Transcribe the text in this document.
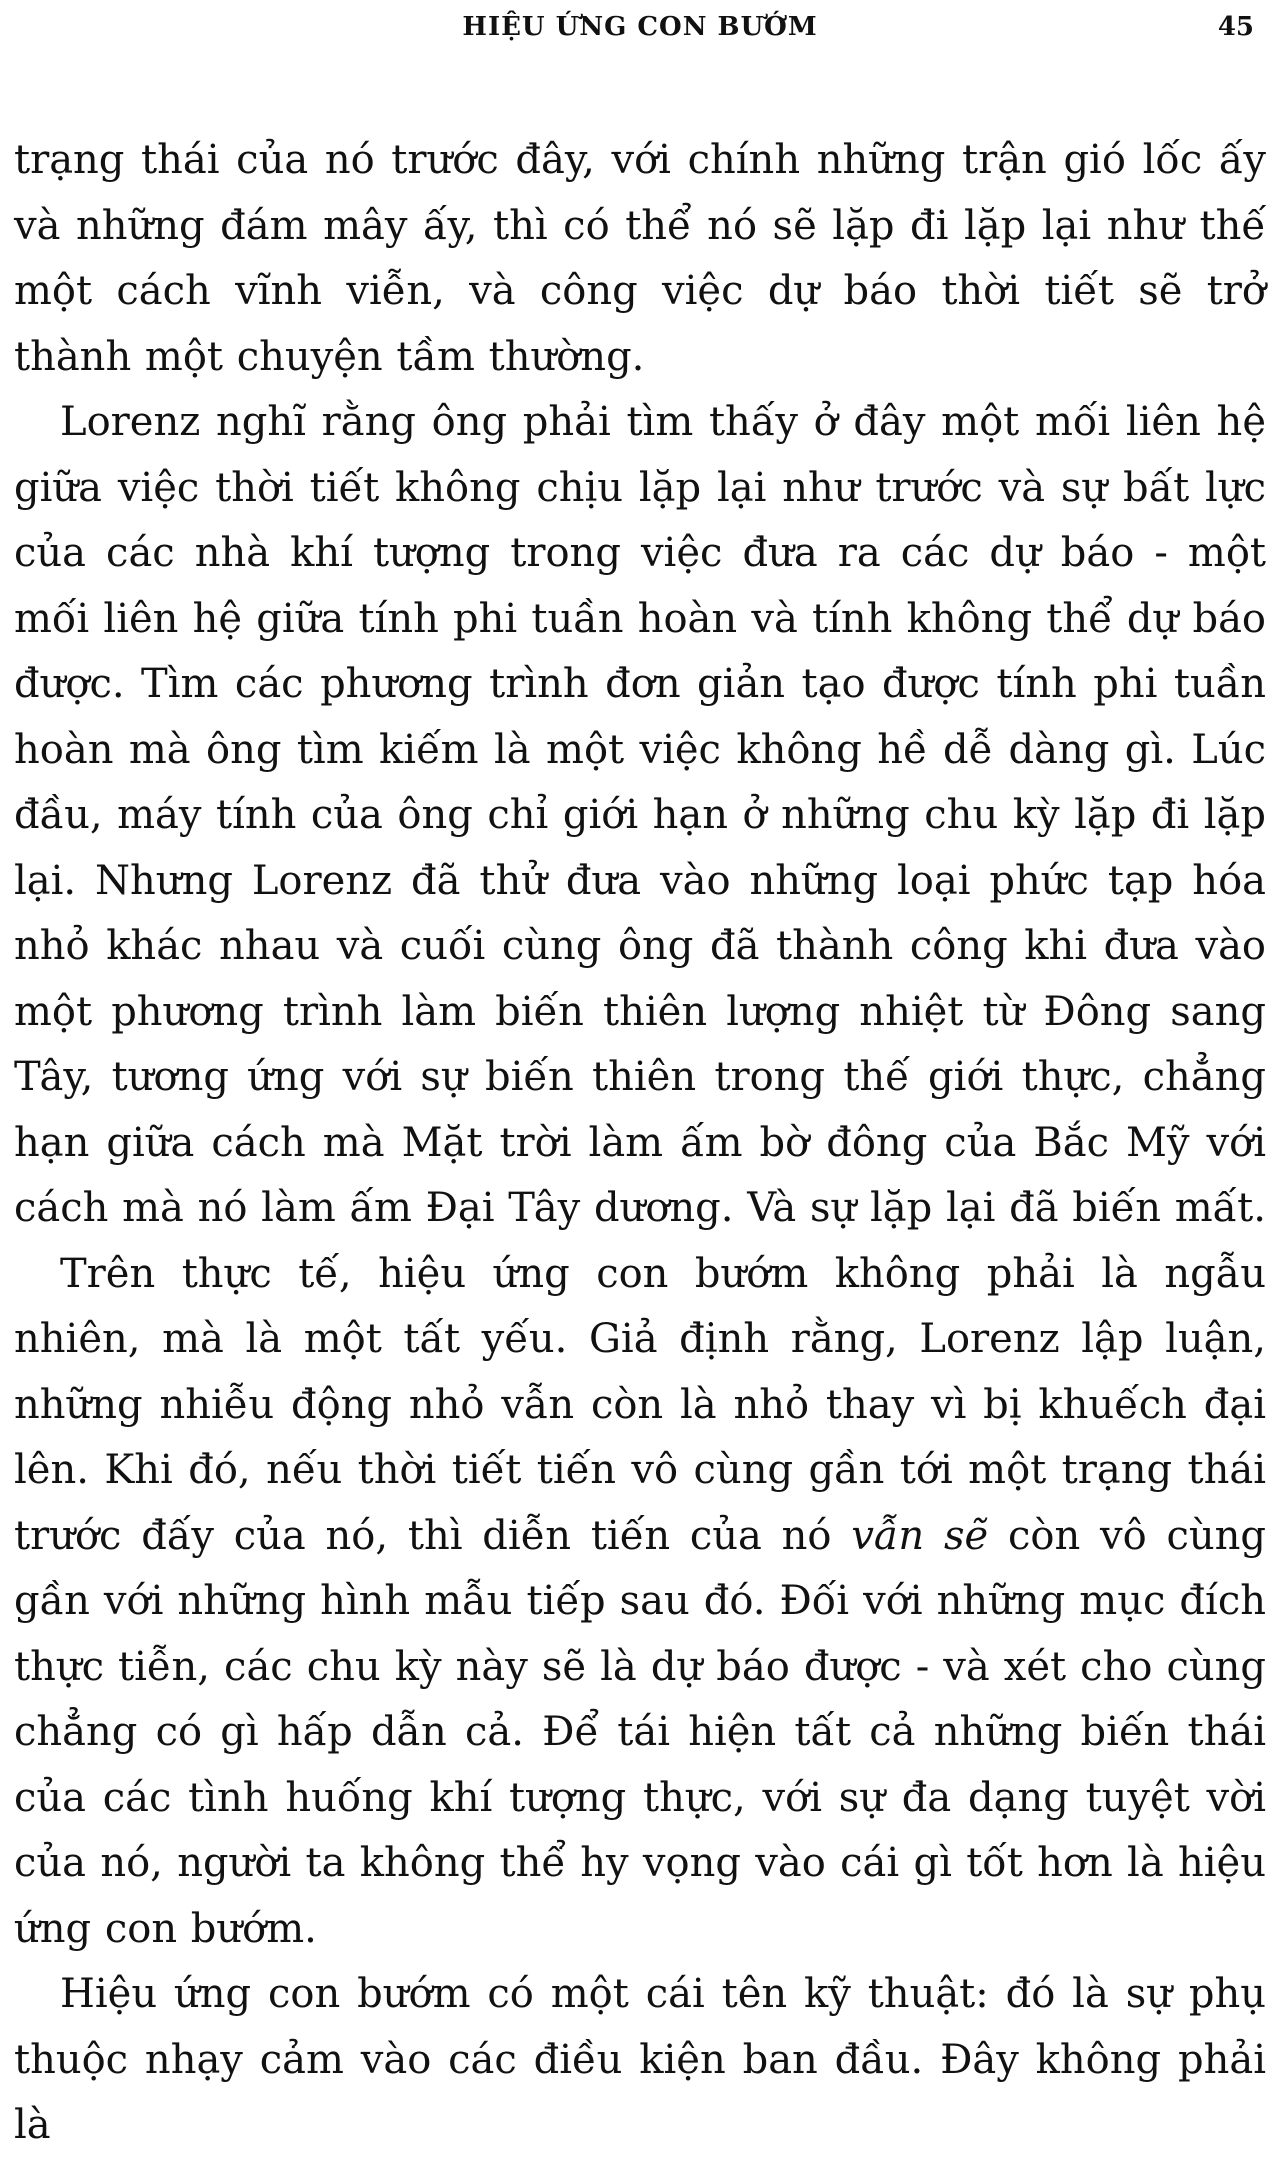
HIỆU ỨNG CON BƯỚM	45

trạng thái của nó trước đây, với chính những trận gió lốc ấy và những đám mây ấy, thì có thể nó sẽ lặp đi lặp lại như thế một cách vĩnh viễn, và công việc dự báo thời tiết sẽ trở thành một chuyện tầm thường.

Lorenz nghĩ rằng ông phải tìm thấy ở đây một mối liên hệ giữa việc thời tiết không chịu lặp lại như trước và sự bất lực của các nhà khí tượng trong việc đưa ra các dự báo - một mối liên hệ giữa tính phi tuần hoàn và tính không thể dự báo được. Tìm các phương trình đơn giản tạo được tính phi tuần hoàn mà ông tìm kiếm là một việc không hề dễ dàng gì. Lúc đầu, máy tính của ông chỉ giới hạn ở những chu kỳ lặp đi lặp lại. Nhưng Lorenz đã thử đưa vào những loại phức tạp hóa nhỏ khác nhau và cuối cùng ông đã thành công khi đưa vào một phương trình làm biến thiên lượng nhiệt từ Đông sang Tây, tương ứng với sự biến thiên trong thế giới thực, chẳng hạn giữa cách mà Mặt trời làm ấm bờ đông của Bắc Mỹ với cách mà nó làm ấm Đại Tây dương. Và sự lặp lại đã biến mất.

Trên thực tế, hiệu ứng con bướm không phải là ngẫu nhiên, mà là một tất yếu. Giả định rằng, Lorenz lập luận, những nhiễu động nhỏ vẫn còn là nhỏ thay vì bị khuếch đại lên. Khi đó, nếu thời tiết tiến vô cùng gần tới một trạng thái trước đấy của nó, thì diễn tiến của nó vẫn sẽ còn vô cùng gần với những hình mẫu tiếp sau đó. Đối với những mục đích thực tiễn, các chu kỳ này sẽ là dự báo được - và xét cho cùng chẳng có gì hấp dẫn cả. Để tái hiện tất cả những biến thái của các tình huống khí tượng thực, với sự đa dạng tuyệt vời của nó, người ta không thể hy vọng vào cái gì tốt hơn là hiệu ứng con bướm.

Hiệu ứng con bướm có một cái tên kỹ thuật: đó là sự phụ thuộc nhạy cảm vào các điều kiện ban đầu. Đây không phải là
